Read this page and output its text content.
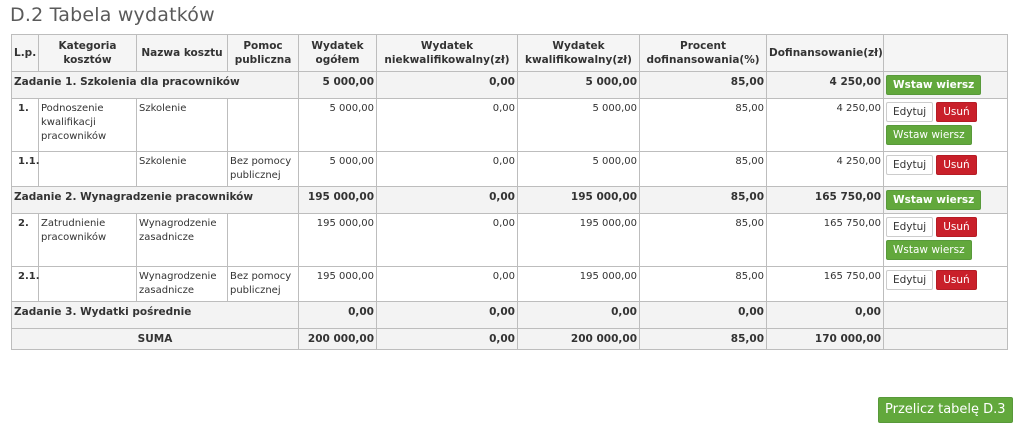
D.2 Tabela wydatków
L.p.	Kategoria kosztów	Nazwa kosztu	Pomoc publiczna	Wydatek ogółem	Wydatek niekwalifikowalny(zł)	Wydatek kwalifikowalny(zł)	Procent dofinansowania(%)	Dofinansowanie(zł)	
Zadanie 1. Szkolenia dla pracowników				5 000,00	0,00	5 000,00	85,00	4 250,00	Wstaw wiersz
1.	Podnoszenie kwalifikacji pracowników	Szkolenie		5 000,00	0,00	5 000,00	85,00	4 250,00	Edytuj Usuń
Wstaw wiersz

1.1.		Szkolenie	Bez pomocy publicznej	5 000,00	0,00	5 000,00	85,00	4 250,00	Edytuj Usuń

Zadanie 2. Wynagradzenie pracowników				195 000,00	0,00	195 000,00	85,00	165 750,00	Wstaw wiersz
2.	Zatrudnienie pracowników	Wynagrodzenie zasadnicze		195 000,00	0,00	195 000,00	85,00	165 750,00	Edytuj Usuń
Wstaw wiersz

2.1.		Wynagrodzenie zasadnicze	Bez pomocy publicznej	195 000,00	0,00	195 000,00	85,00	165 750,00	Edytuj Usuń

Zadanie 3. Wydatki pośrednie				0,00	0,00	0,00	0,00	0,00	
SUMA				200 000,00	0,00	200 000,00	85,00	170 000,00	
Przelicz tabelę D.3
